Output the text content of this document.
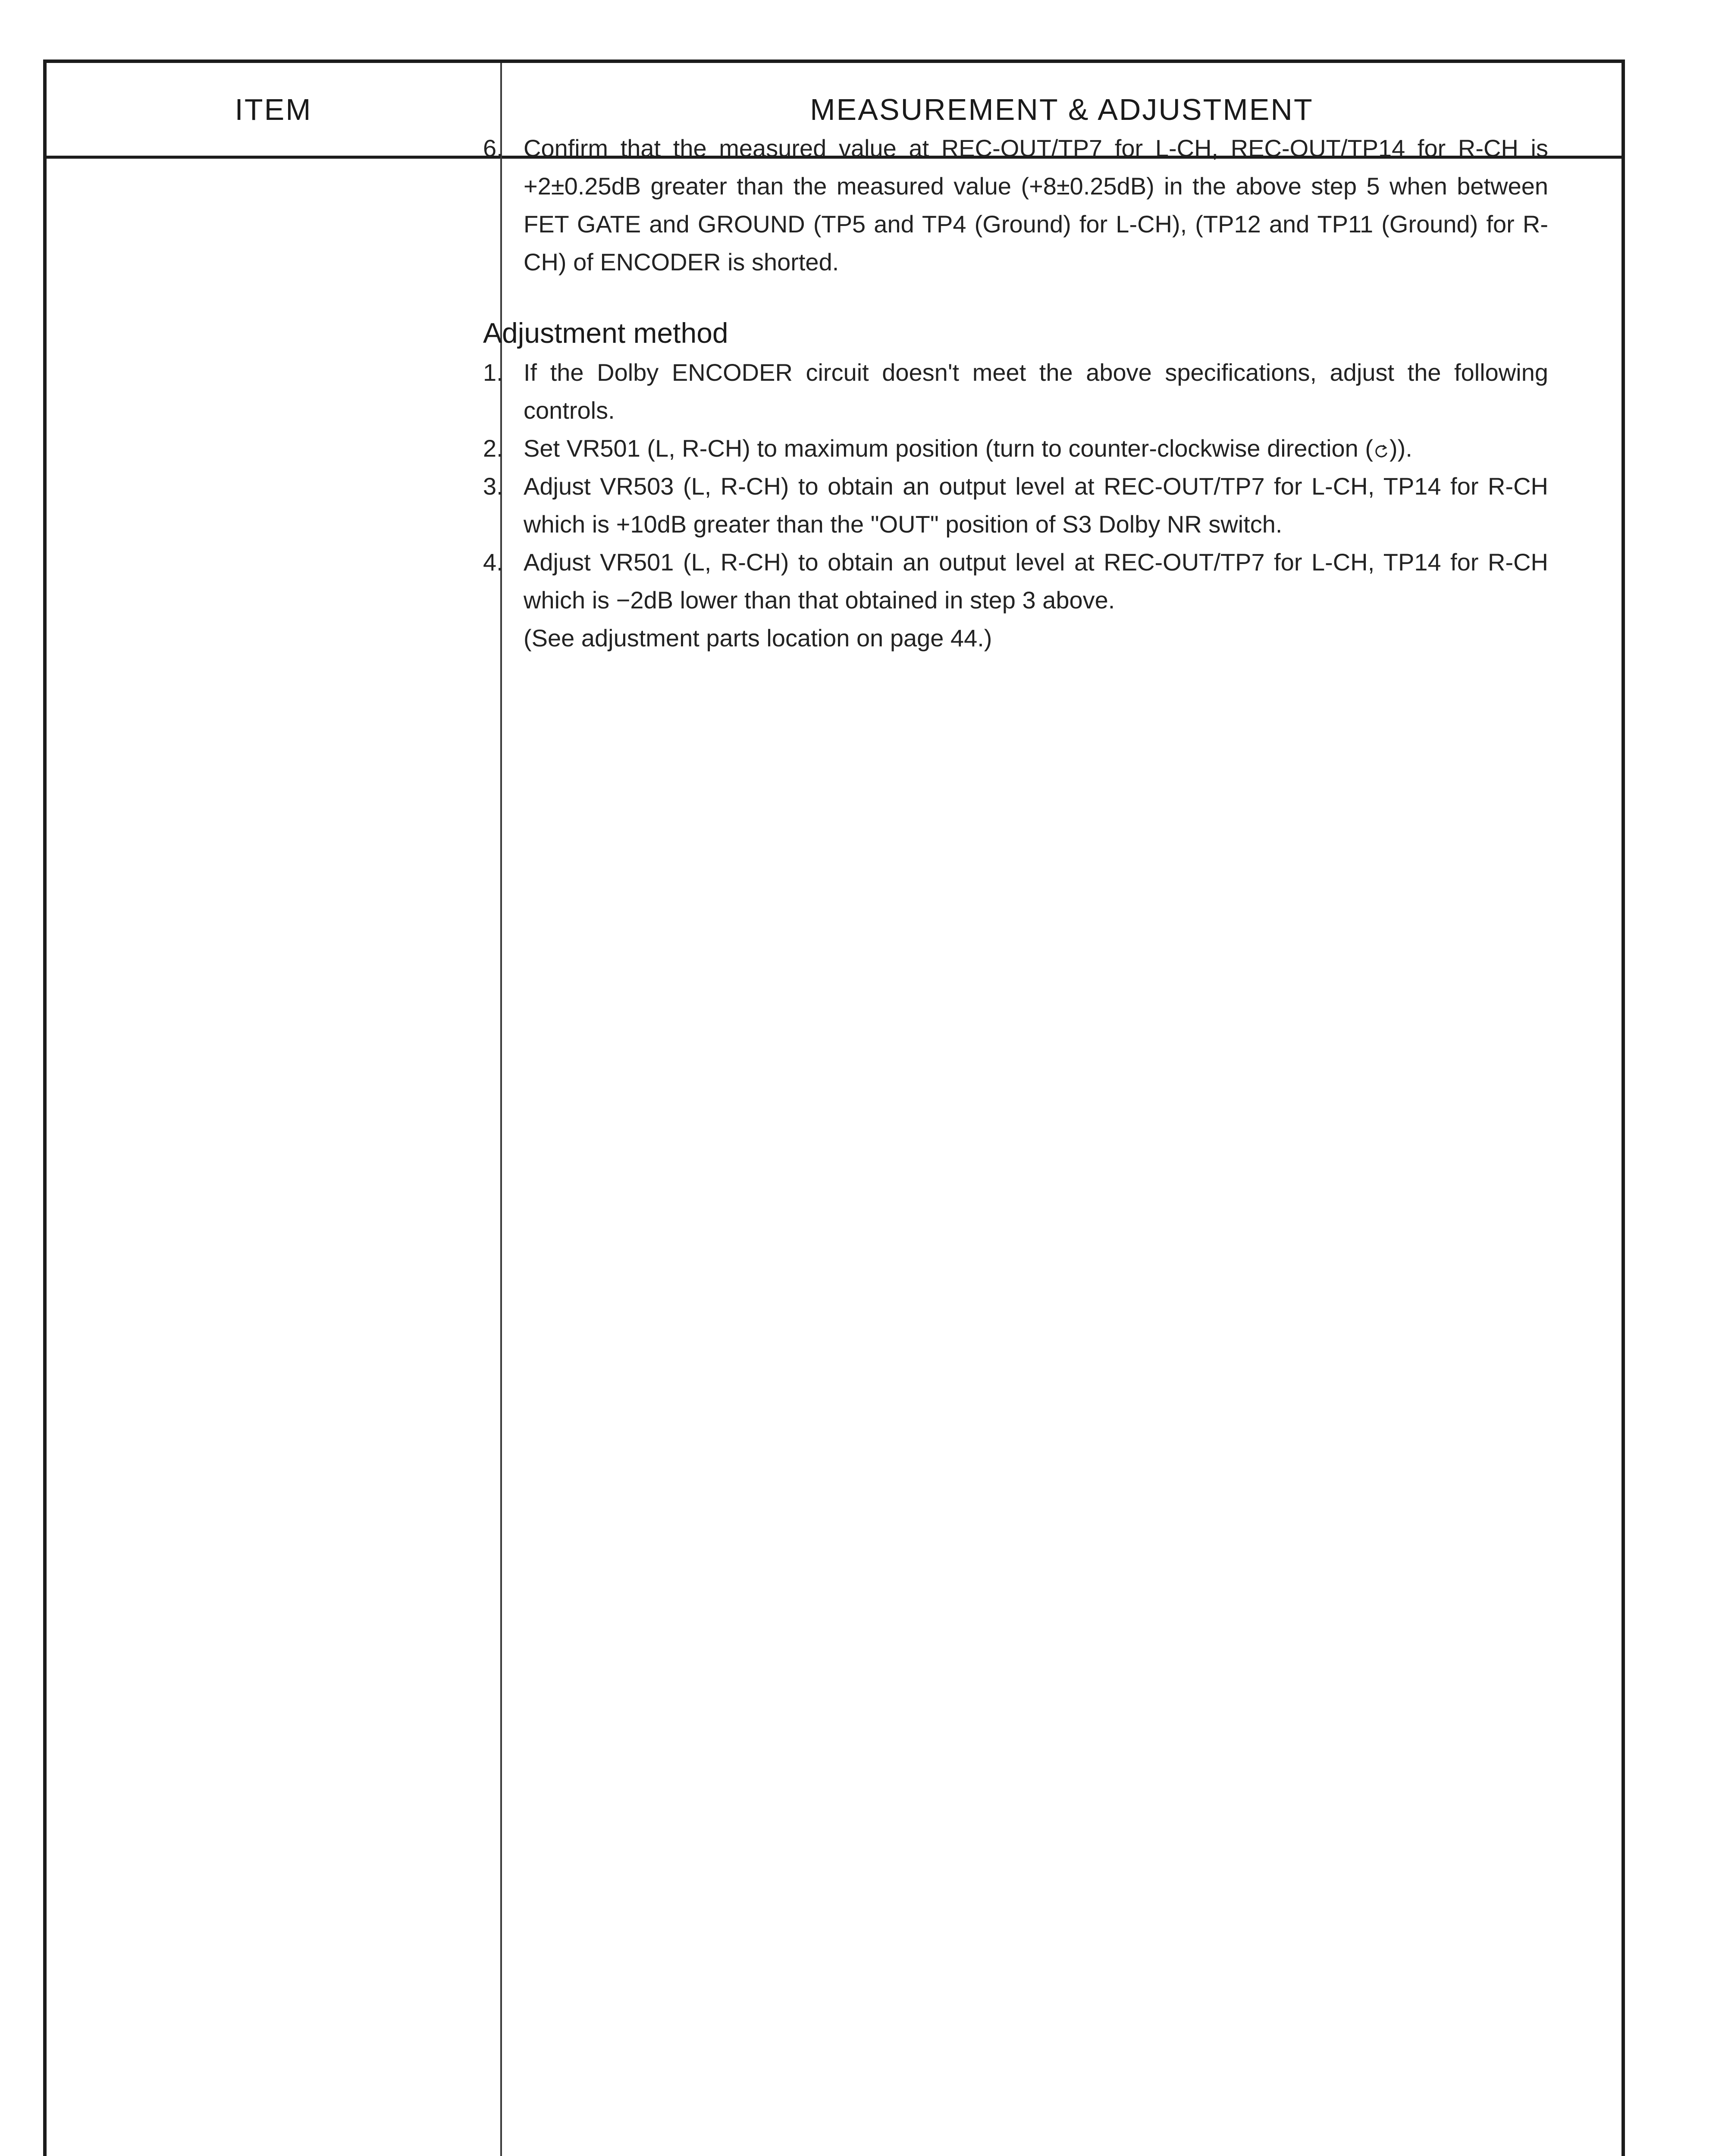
ITEM	MEASUREMENT & ADJUSTMENT
6. Confirm that the measured value at REC-OUT/TP7 for L-CH, REC-OUT/TP14 for R-CH is +2±0.25dB greater than the measured value (+8±0.25dB) in the above step 5 when between FET GATE and GROUND (TP5 and TP4 (Ground) for L-CH), (TP12 and TP11 (Ground) for R-CH) of ENCODER is shorted.
Adjustment method
1. If the Dolby ENCODER circuit doesn't meet the above specifications, adjust the following controls.
2. Set VR501 (L, R-CH) to maximum position (turn to counter-clockwise direction ( )).
3. Adjust VR503 (L, R-CH) to obtain an output level at REC-OUT/TP7 for L-CH, TP14 for R-CH which is +10dB greater than the "OUT" position of S3 Dolby NR switch.
4. Adjust VR501 (L, R-CH) to obtain an output level at REC-OUT/TP7 for L-CH, TP14 for R-CH which is −2dB lower than that obtained in step 3 above.
(See adjustment parts location on page 44.)
